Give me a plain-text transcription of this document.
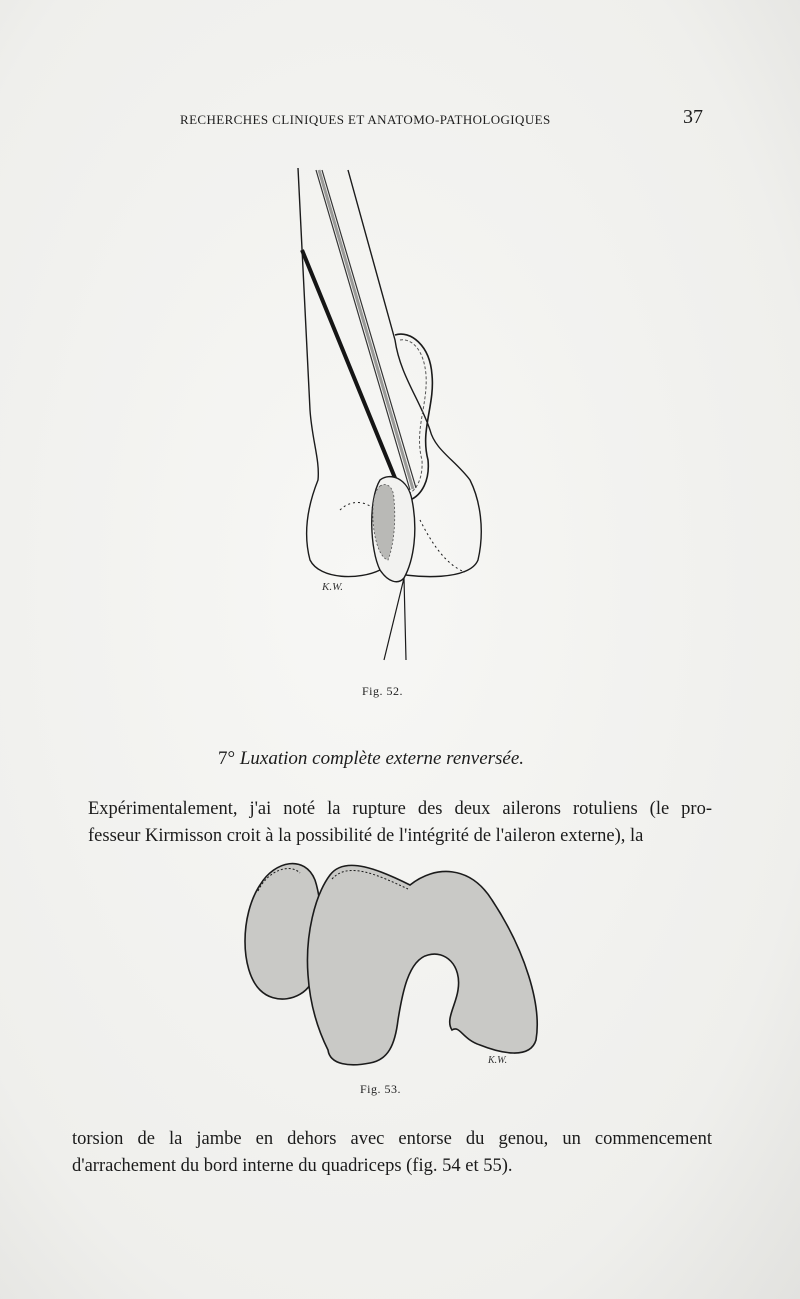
RECHERCHES CLINIQUES ET ANATOMO-PATHOLOGIQUES	37
K.W.
Fig. 52.
7° Luxation complète externe renversée.
Expérimentalement, j'ai noté la rupture des deux ailerons rotuliens (le pro-
fesseur Kirmisson croit à la possibilité de l'intégrité de l'aileron externe), la
K.W.
Fig. 53.
torsion de la jambe en dehors avec entorse du genou, un commencement
d'arrachement du bord interne du quadriceps (fig. 54 et 55).
